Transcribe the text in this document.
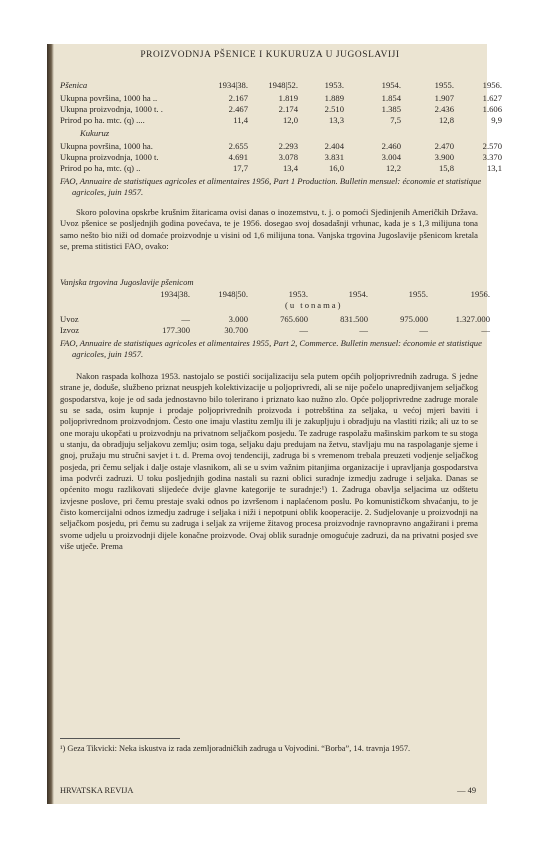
PROIZVODNJA PŠENICE I KUKURUZA U JUGOSLAVIJI
Pšenica	1934|38.	1948|52.	1953.	1954.	1955.	1956.
Ukupna površina, 1000 ha ..	2.167	1.819	1.889	1.854	1.907	1.627
Ukupna proizvodnja, 1000 t. .	2.467	2.174	2.510	1.385	2.436	1.606
Prirod po ha. mtc. (q) ....	11,4	12,0	13,3	7,5	12,8	9,9
Kukuruz
Ukupna površina, 1000 ha.	2.655	2.293	2.404	2.460	2.470	2.570
Ukupna proizvodnja, 1000 t.	4.691	3.078	3.831	3.004	3.900	3.370
Prirod po ha, mtc. (q) ..	17,7	13,4	16,0	12,2	15,8	13,1
FAO, Annuaire de statistiques agricoles et alimentaires 1956, Part 1 Production. Bulletin mensuel: économie et statistique agricoles, juin 1957.

Skoro polovina opskrbe krušnim žitaricama ovisi danas o inozemstvu, t. j. o pomoći Sjedinjenih Američkih Država. Uvoz pšenice se posljednjih godina povećava, te je 1956. dosegao svoj dosadašnji vrhunac, kada je s 1,3 milijuna tona samo nešto bio niži od domaće proizvodnje u visini od 1,6 milijuna tona. Vanjska trgovina Jugoslavije pšenicom kretala se, prema stitistici FAO, ovako:

Vanjska trgovina Jugoslavije pšenicom
1934|38.	1948|50.	1953.	1954.	1955.	1956.
(u tonama)
Uvoz	—	3.000	765.600	831.500	975.000	1.327.000
Izvoz	177.300	30.700	—	—	—	—
FAO, Annuaire de statistiques agricoles et alimentaires 1955, Part 2, Commerce. Bulletin mensuel: économie et statistique agricoles, juin 1957.

Nakon raspada kolhoza 1953. nastojalo se postići socijalizaciju sela putem općih poljoprivrednih zadruga. S jedne strane je, doduše, službeno priznat neuspjeh kolektivizacije u poljoprivredi, ali se nije počelo unapredjivanjem seljačkog gospodarstva, koje je od sada jednostavno bilo tolerirano i priznato kao nužno zlo. Opće poljoprivredne zadruge morale su se sada, osim kupnje i prodaje poljoprivrednih proizvoda i potrebština za seljaka, u većoj mjeri baviti i poljoprivrednom proizvodnjom. Često one imaju vlastitu zemlju ili je zakupljuju i obradjuju na vlastiti rizik; ali uz to se one moraju ukopčati u proizvodnju na privatnom seljačkom posjedu. Te zadruge raspolažu mašinskim parkom te su stoga u stanju, da obradjuju seljakovu zemlju; osim toga, seljaku daju predujam na žetvu, stavljaju mu na raspolaganje sjeme i gnoj, pružaju mu stručni savjet i t. d. Prema ovoj tendenciji, zadruga bi s vremenom trebala preuzeti vodjenje seljačkog posjeda, pri čemu seljak i dalje ostaje vlasnikom, ali se u svim važnim pitanjima organizacije i upravljanja gospodarstva ima podvrći zadruzi. U toku posljednjih godina nastali su razni oblici suradnje izmedju zadruge i seljaka. Danas se općenito mogu razlikovati slijedeće dvije glavne kategorije te suradnje:¹) 1. Zadruga obavlja seljacima uz odštetu izvjesne poslove, pri čemu prestaje svaki odnos po izvršenom i naplaćenom poslu. Po komunističkom shvaćanju, to je čisto komercijalni odnos izmedju zadruge i seljaka i niži i nepotpuni oblik kooperacije. 2. Sudjelovanje u proizvodnji na seljačkom posjedu, pri čemu su zadruga i seljak za vrijeme žitavog procesa proizvodnje ravnopravno angažirani i prema svome udjelu u proizvodnji dijele konačne proizvode. Ovaj oblik suradnje omogućuje zadruzi, da na privatni posjed sve više utječe. Prema

¹) Geza Tikvicki: Neka iskustva iz rada zemljoradničkih zadruga u Vojvodini. “Borba”, 14. travnja 1957.
HRVATSKA REVIJA	— 49
